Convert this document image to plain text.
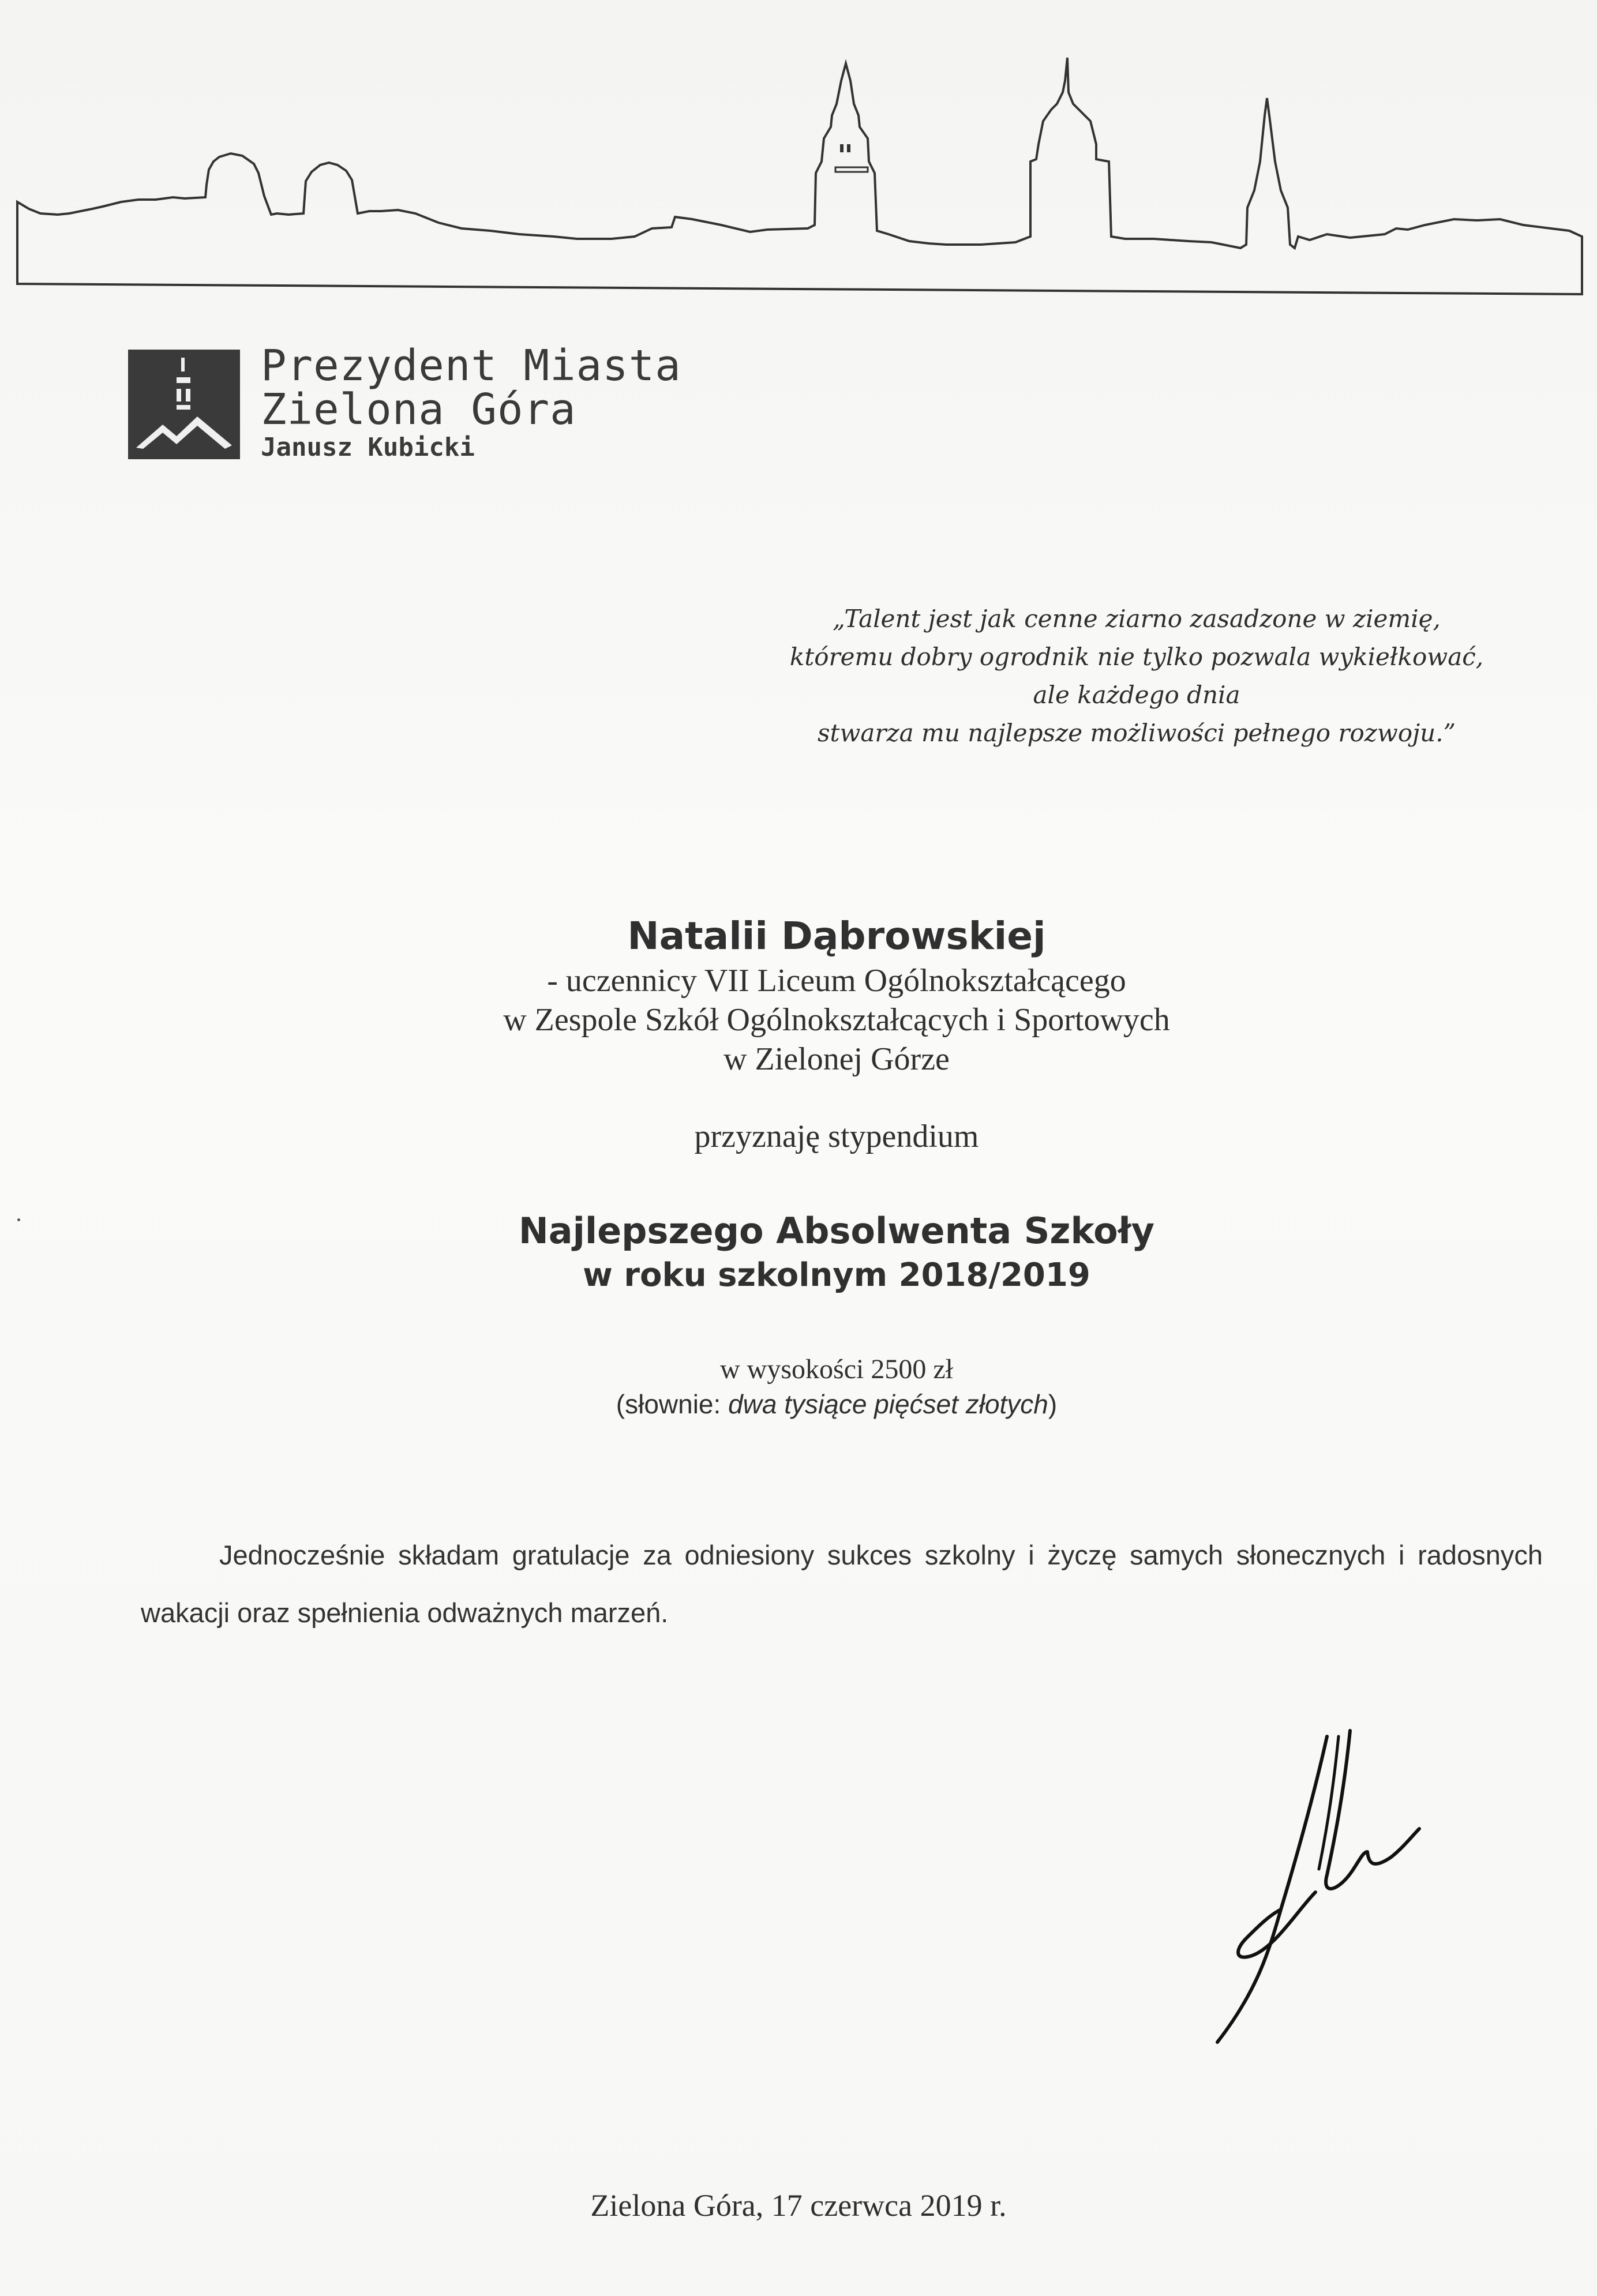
Prezydent Miasta
Zielona Góra
Janusz Kubicki
„Talent jest jak cenne ziarno zasadzone w ziemię,
któremu dobry ogrodnik nie tylko pozwala wykiełkować,
ale każdego dnia
stwarza mu najlepsze możliwości pełnego rozwoju.”
Natalii Dąbrowskiej
- uczennicy VII Liceum Ogólnokształcącego
w Zespole Szkół Ogólnokształcących i Sportowych
w Zielonej Górze
przyznaję stypendium
Najlepszego Absolwenta Szkoły
w roku szkolnym 2018/2019
w wysokości 2500 zł
(słownie: dwa tysiące pięćset złotych)
Jednocześnie składam gratulacje za odniesiony sukces szkolny i życzę samych słonecznych i radosnych wakacji oraz spełnienia odważnych marzeń.
Zielona Góra, 17 czerwca 2019 r.
